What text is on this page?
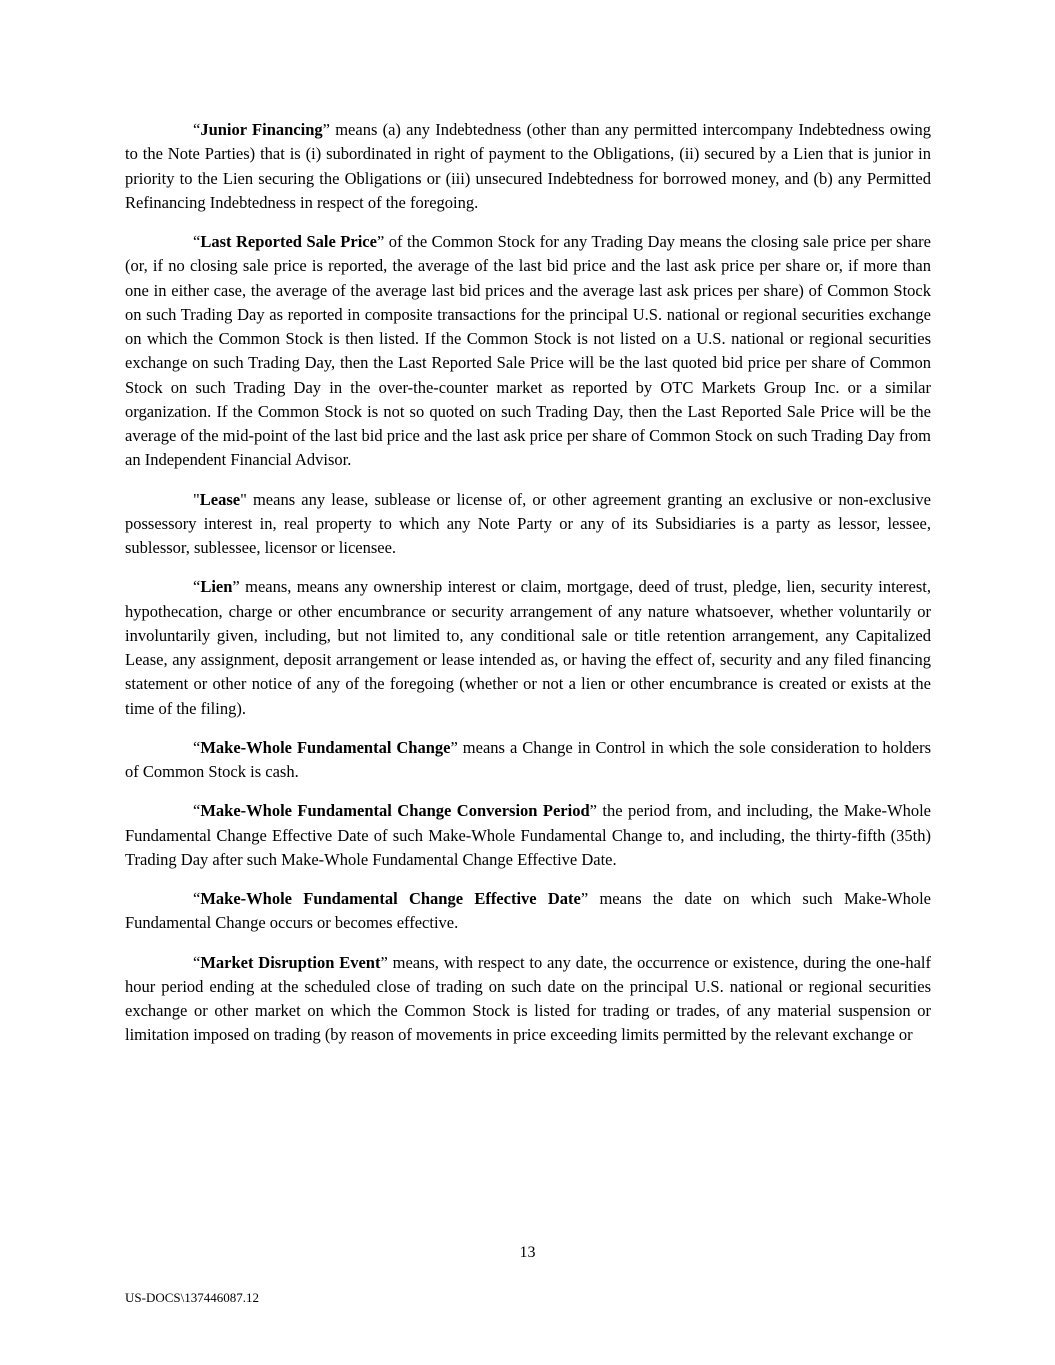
“Junior Financing” means (a) any Indebtedness (other than any permitted intercompany Indebtedness owing to the Note Parties) that is (i) subordinated in right of payment to the Obligations, (ii) secured by a Lien that is junior in priority to the Lien securing the Obligations or (iii) unsecured Indebtedness for borrowed money, and (b) any Permitted Refinancing Indebtedness in respect of the foregoing.

“Last Reported Sale Price” of the Common Stock for any Trading Day means the closing sale price per share (or, if no closing sale price is reported, the average of the last bid price and the last ask price per share or, if more than one in either case, the average of the average last bid prices and the average last ask prices per share) of Common Stock on such Trading Day as reported in composite transactions for the principal U.S. national or regional securities exchange on which the Common Stock is then listed. If the Common Stock is not listed on a U.S. national or regional securities exchange on such Trading Day, then the Last Reported Sale Price will be the last quoted bid price per share of Common Stock on such Trading Day in the over-the-counter market as reported by OTC Markets Group Inc. or a similar organization. If the Common Stock is not so quoted on such Trading Day, then the Last Reported Sale Price will be the average of the mid-point of the last bid price and the last ask price per share of Common Stock on such Trading Day from an Independent Financial Advisor.

"Lease" means any lease, sublease or license of, or other agreement granting an exclusive or non-exclusive possessory interest in, real property to which any Note Party or any of its Subsidiaries is a party as lessor, lessee, sublessor, sublessee, licensor or licensee.

“Lien” means, means any ownership interest or claim, mortgage, deed of trust, pledge, lien, security interest, hypothecation, charge or other encumbrance or security arrangement of any nature whatsoever, whether voluntarily or involuntarily given, including, but not limited to, any conditional sale or title retention arrangement, any Capitalized Lease, any assignment, deposit arrangement or lease intended as, or having the effect of, security and any filed financing statement or other notice of any of the foregoing (whether or not a lien or other encumbrance is created or exists at the time of the filing).

“Make-Whole Fundamental Change” means a Change in Control in which the sole consideration to holders of Common Stock is cash.

“Make-Whole Fundamental Change Conversion Period” the period from, and including, the Make-Whole Fundamental Change Effective Date of such Make-Whole Fundamental Change to, and including, the thirty-fifth (35th) Trading Day after such Make-Whole Fundamental Change Effective Date.

“Make-Whole Fundamental Change Effective Date” means the date on which such Make-Whole Fundamental Change occurs or becomes effective.

“Market Disruption Event” means, with respect to any date, the occurrence or existence, during the one-half hour period ending at the scheduled close of trading on such date on the principal U.S. national or regional securities exchange or other market on which the Common Stock is listed for trading or trades, of any material suspension or limitation imposed on trading (by reason of movements in price exceeding limits permitted by the relevant exchange or

13
US-DOCS\137446087.12
